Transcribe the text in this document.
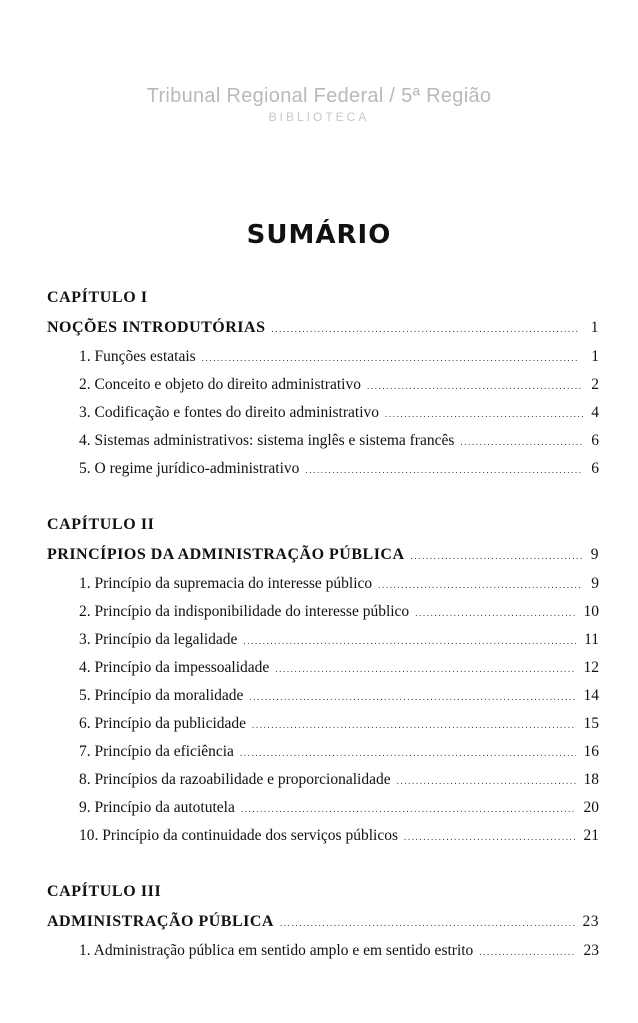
Tribunal Regional Federal / 5ª Região
BIBLIOTECA
SUMÁRIO
CAPÍTULO I
NOÇÕES INTRODUTÓRIAS .....	1
1. Funções estatais .....	1
2. Conceito e objeto do direito administrativo .....	2
3. Codificação e fontes do direito administrativo .....	4
4. Sistemas administrativos: sistema inglês e sistema francês .....	6
5. O regime jurídico-administrativo .....	6
CAPÍTULO II
PRINCÍPIOS DA ADMINISTRAÇÃO PÚBLICA .....	9
1. Princípio da supremacia do interesse público .....	9
2. Princípio da indisponibilidade do interesse público .....	10
3. Princípio da legalidade .....	11
4. Princípio da impessoalidade .....	12
5. Princípio da moralidade .....	14
6. Princípio da publicidade .....	15
7. Princípio da eficiência .....	16
8. Princípios da razoabilidade e proporcionalidade .....	18
9. Princípio da autotutela .....	20
10. Princípio da continuidade dos serviços públicos .....	21
CAPÍTULO III
ADMINISTRAÇÃO PÚBLICA .....	23
1. Administração pública em sentido amplo e em sentido estrito .....	23
